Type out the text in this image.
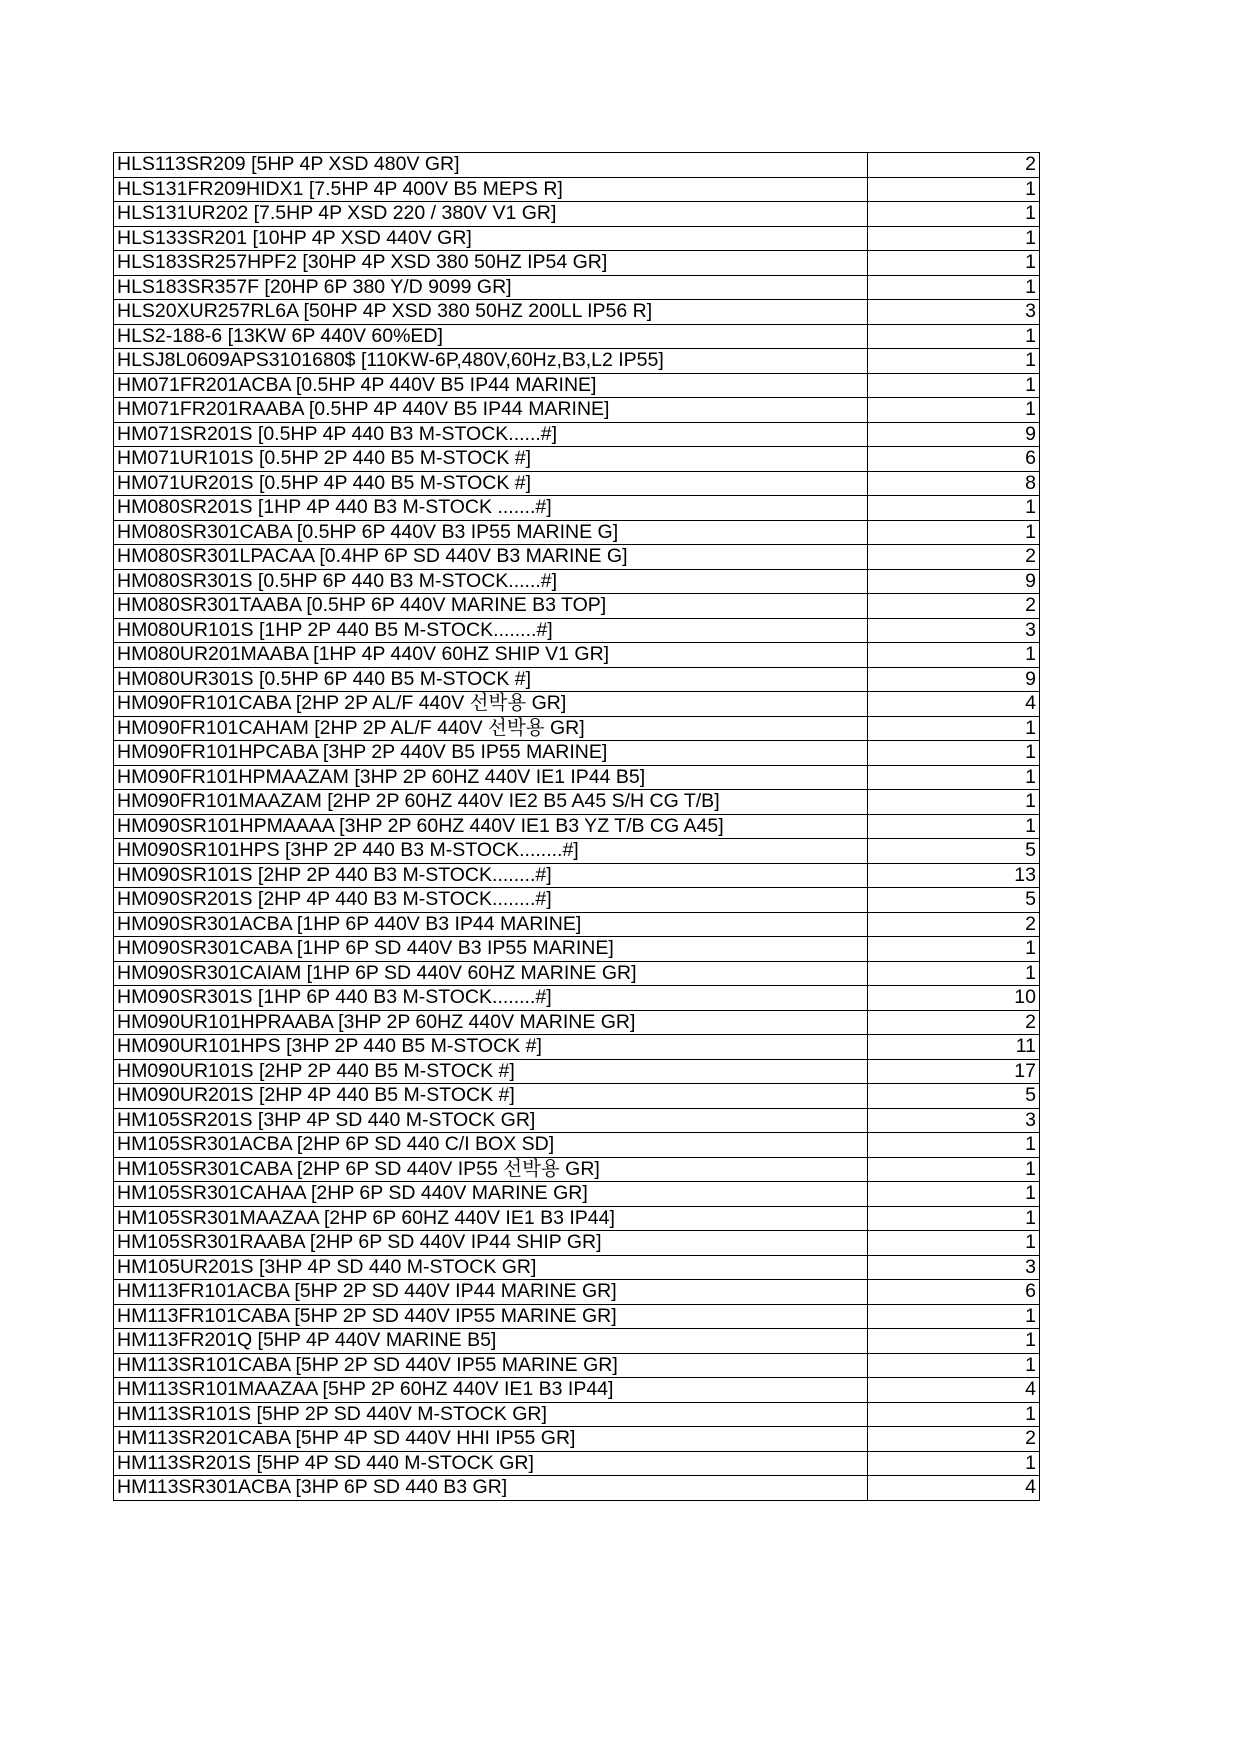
HLS113SR209 [5HP 4P XSD 480V GR]	2
HLS131FR209HIDX1 [7.5HP 4P 400V B5 MEPS R]	1
HLS131UR202 [7.5HP 4P XSD 220 / 380V V1 GR]	1
HLS133SR201 [10HP 4P XSD 440V GR]	1
HLS183SR257HPF2 [30HP 4P XSD 380 50HZ IP54 GR]	1
HLS183SR357F [20HP 6P 380 Y/D 9099 GR]	1
HLS20XUR257RL6A [50HP 4P XSD 380 50HZ 200LL IP56 R]	3
HLS2-188-6 [13KW 6P 440V 60%ED]	1
HLSJ8L0609APS3101680$ [110KW-6P,480V,60Hz,B3,L2 IP55]	1
HM071FR201ACBA [0.5HP 4P 440V B5 IP44 MARINE]	1
HM071FR201RAABA [0.5HP 4P 440V B5 IP44 MARINE]	1
HM071SR201S [0.5HP 4P 440 B3 M-STOCK......#]	9
HM071UR101S [0.5HP 2P 440 B5 M-STOCK #]	6
HM071UR201S [0.5HP 4P 440 B5 M-STOCK #]	8
HM080SR201S [1HP 4P 440 B3 M-STOCK .......#]	1
HM080SR301CABA [0.5HP 6P 440V B3 IP55 MARINE G]	1
HM080SR301LPACAA [0.4HP 6P SD 440V B3 MARINE G]	2
HM080SR301S [0.5HP 6P 440 B3 M-STOCK......#]	9
HM080SR301TAABA [0.5HP 6P 440V MARINE B3 TOP]	2
HM080UR101S [1HP 2P 440 B5 M-STOCK........#]	3
HM080UR201MAABA [1HP 4P 440V 60HZ SHIP V1 GR]	1
HM080UR301S [0.5HP 6P 440 B5 M-STOCK #]	9
HM090FR101CABA [2HP 2P AL/F 440V 선박용 GR]	4
HM090FR101CAHAM [2HP 2P AL/F 440V 선박용 GR]	1
HM090FR101HPCABA [3HP 2P 440V B5 IP55 MARINE]	1
HM090FR101HPMAAZAM [3HP 2P 60HZ 440V IE1 IP44 B5]	1
HM090FR101MAAZAM [2HP 2P 60HZ 440V IE2 B5 A45 S/H CG T/B]	1
HM090SR101HPMAAAA [3HP 2P 60HZ 440V IE1 B3 YZ T/B CG A45]	1
HM090SR101HPS [3HP 2P 440 B3 M-STOCK........#]	5
HM090SR101S [2HP 2P 440 B3 M-STOCK........#]	13
HM090SR201S [2HP 4P 440 B3 M-STOCK........#]	5
HM090SR301ACBA [1HP 6P 440V B3 IP44 MARINE]	2
HM090SR301CABA [1HP 6P SD 440V B3 IP55 MARINE]	1
HM090SR301CAIAM [1HP 6P SD 440V 60HZ MARINE GR]	1
HM090SR301S [1HP 6P 440 B3 M-STOCK........#]	10
HM090UR101HPRAABA [3HP 2P 60HZ 440V MARINE GR]	2
HM090UR101HPS [3HP 2P 440 B5 M-STOCK #]	11
HM090UR101S [2HP 2P 440 B5 M-STOCK #]	17
HM090UR201S [2HP 4P 440 B5 M-STOCK #]	5
HM105SR201S [3HP 4P SD 440 M-STOCK GR]	3
HM105SR301ACBA [2HP 6P SD 440 C/I BOX SD]	1
HM105SR301CABA [2HP 6P SD 440V IP55 선박용 GR]	1
HM105SR301CAHAA [2HP 6P SD 440V MARINE GR]	1
HM105SR301MAAZAA [2HP 6P 60HZ 440V IE1 B3 IP44]	1
HM105SR301RAABA [2HP 6P SD 440V IP44 SHIP GR]	1
HM105UR201S [3HP 4P SD 440 M-STOCK GR]	3
HM113FR101ACBA [5HP 2P SD 440V IP44 MARINE GR]	6
HM113FR101CABA [5HP 2P SD 440V IP55 MARINE GR]	1
HM113FR201Q [5HP 4P 440V MARINE B5]	1
HM113SR101CABA [5HP 2P SD 440V IP55 MARINE GR]	1
HM113SR101MAAZAA [5HP 2P 60HZ 440V IE1 B3 IP44]	4
HM113SR101S [5HP 2P SD 440V M-STOCK GR]	1
HM113SR201CABA [5HP 4P SD 440V HHI IP55 GR]	2
HM113SR201S [5HP 4P SD 440 M-STOCK GR]	1
HM113SR301ACBA [3HP 6P SD 440 B3 GR]	4
